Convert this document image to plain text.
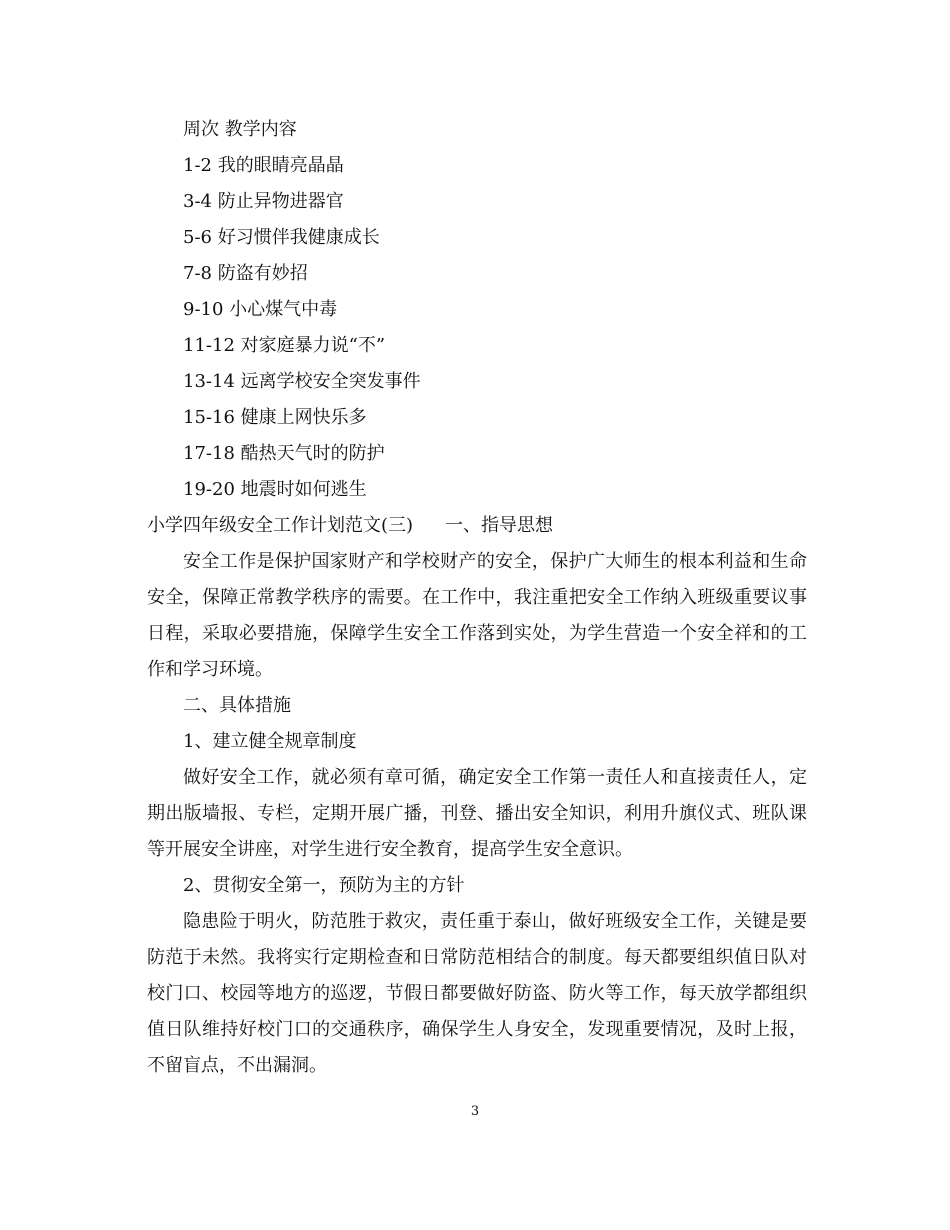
周次 教学内容

1-2 我的眼睛亮晶晶

3-4 防止异物进器官

5-6 好习惯伴我健康成长

7-8 防盗有妙招

9-10 小心煤气中毒

11-12 对家庭暴力说“不”

13-14 远离学校安全突发事件

15-16 健康上网快乐多

17-18 酷热天气时的防护

19-20 地震时如何逃生

小学四年级安全工作计划范文(三) 一、指导思想

安全工作是保护国家财产和学校财产的安全，保护广大师生的根本利益和生命安全，保障正常教学秩序的需要。在工作中，我注重把安全工作纳入班级重要议事日程，采取必要措施，保障学生安全工作落到实处，为学生营造一个安全祥和的工作和学习环境。

二、具体措施

1、建立健全规章制度

做好安全工作，就必须有章可循，确定安全工作第一责任人和直接责任人，定期出版墙报、专栏，定期开展广播，刊登、播出安全知识，利用升旗仪式、班队课等开展安全讲座，对学生进行安全教育，提高学生安全意识。

2、贯彻安全第一，预防为主的方针

隐患险于明火，防范胜于救灾，责任重于泰山，做好班级安全工作，关键是要防范于未然。我将实行定期检查和日常防范相结合的制度。每天都要组织值日队对校门口、校园等地方的巡逻，节假日都要做好防盗、防火等工作，每天放学都组织值日队维持好校门口的交通秩序，确保学生人身安全，发现重要情况，及时上报，不留盲点，不出漏洞。

3
